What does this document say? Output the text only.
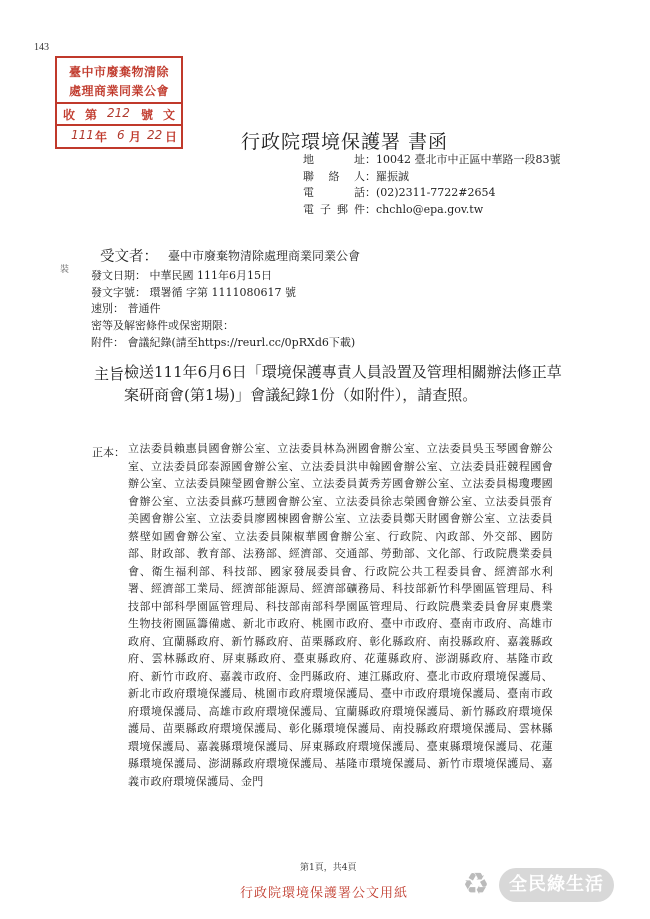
143
臺中市廢棄物清除
處理商業同業公會
收 第 212 號 文
111 年 6 月 22 日	行政院環境保護署 書函
地 址：10042 臺北市中正區中華路一段83號
聯 絡 人：羅振誠
電 話：(02)2311-7722#2654
電子郵件：chchlo@epa.gov.tw
裝
受文者： 臺中市廢棄物清除處理商業同業公會
發文日期： 中華民國 111年6月15日
發文字號： 環署循 字第 1111080617 號
速別： 普通件
密等及解密條件或保密期限：
附件： 會議紀錄(請至https://reurl.cc/0pRXd6下載)
主旨：
檢送111年6月6日「環境保護專責人員設置及管理相關辦法修正草案研商會(第1場)」會議紀錄1份（如附件），請查照。
正本： 立法委員賴惠員國會辦公室、立法委員林為洲國會辦公室、立法委員吳玉琴國會辦公室、立法委員邱泰源國會辦公室、立法委員洪申翰國會辦公室、立法委員莊競程國會辦公室、立法委員陳瑩國會辦公室、立法委員黃秀芳國會辦公室、立法委員楊瓊瓔國會辦公室、立法委員蘇巧慧國會辦公室、立法委員徐志榮國會辦公室、立法委員張育美國會辦公室、立法委員廖國棟國會辦公室、立法委員鄭天財國會辦公室、立法委員蔡壁如國會辦公室、立法委員陳椒華國會辦公室、行政院、內政部、外交部、國防部、財政部、教育部、法務部、經濟部、交通部、勞動部、文化部、行政院農業委員會、衛生福利部、科技部、國家發展委員會、行政院公共工程委員會、經濟部水利署、經濟部工業局、經濟部能源局、經濟部礦務局、科技部新竹科學園區管理局、科技部中部科學園區管理局、科技部南部科學園區管理局、行政院農業委員會屏東農業生物技術園區籌備處、新北市政府、桃園市政府、臺中市政府、臺南市政府、高雄市政府、宜蘭縣政府、新竹縣政府、苗栗縣政府、彰化縣政府、南投縣政府、嘉義縣政府、雲林縣政府、屏東縣政府、臺東縣政府、花蓮縣政府、澎湖縣政府、基隆市政府、新竹市政府、嘉義市政府、金門縣政府、連江縣政府、臺北市政府環境保護局、新北市政府環境保護局、桃園市政府環境保護局、臺中市政府環境保護局、臺南市政府環境保護局、高雄市政府環境保護局、宜蘭縣政府環境保護局、新竹縣政府環境保護局、苗栗縣政府環境保護局、彰化縣環境保護局、南投縣政府環境保護局、雲林縣環境保護局、嘉義縣環境保護局、屏東縣政府環境保護局、臺東縣環境保護局、花蓮縣環境保護局、澎湖縣政府環境保護局、基隆市環境保護局、新竹市環境保護局、嘉義市政府環境保護局、金門
第1頁，共4頁
行政院環境保護署公文用紙 ♻	全民綠生活
